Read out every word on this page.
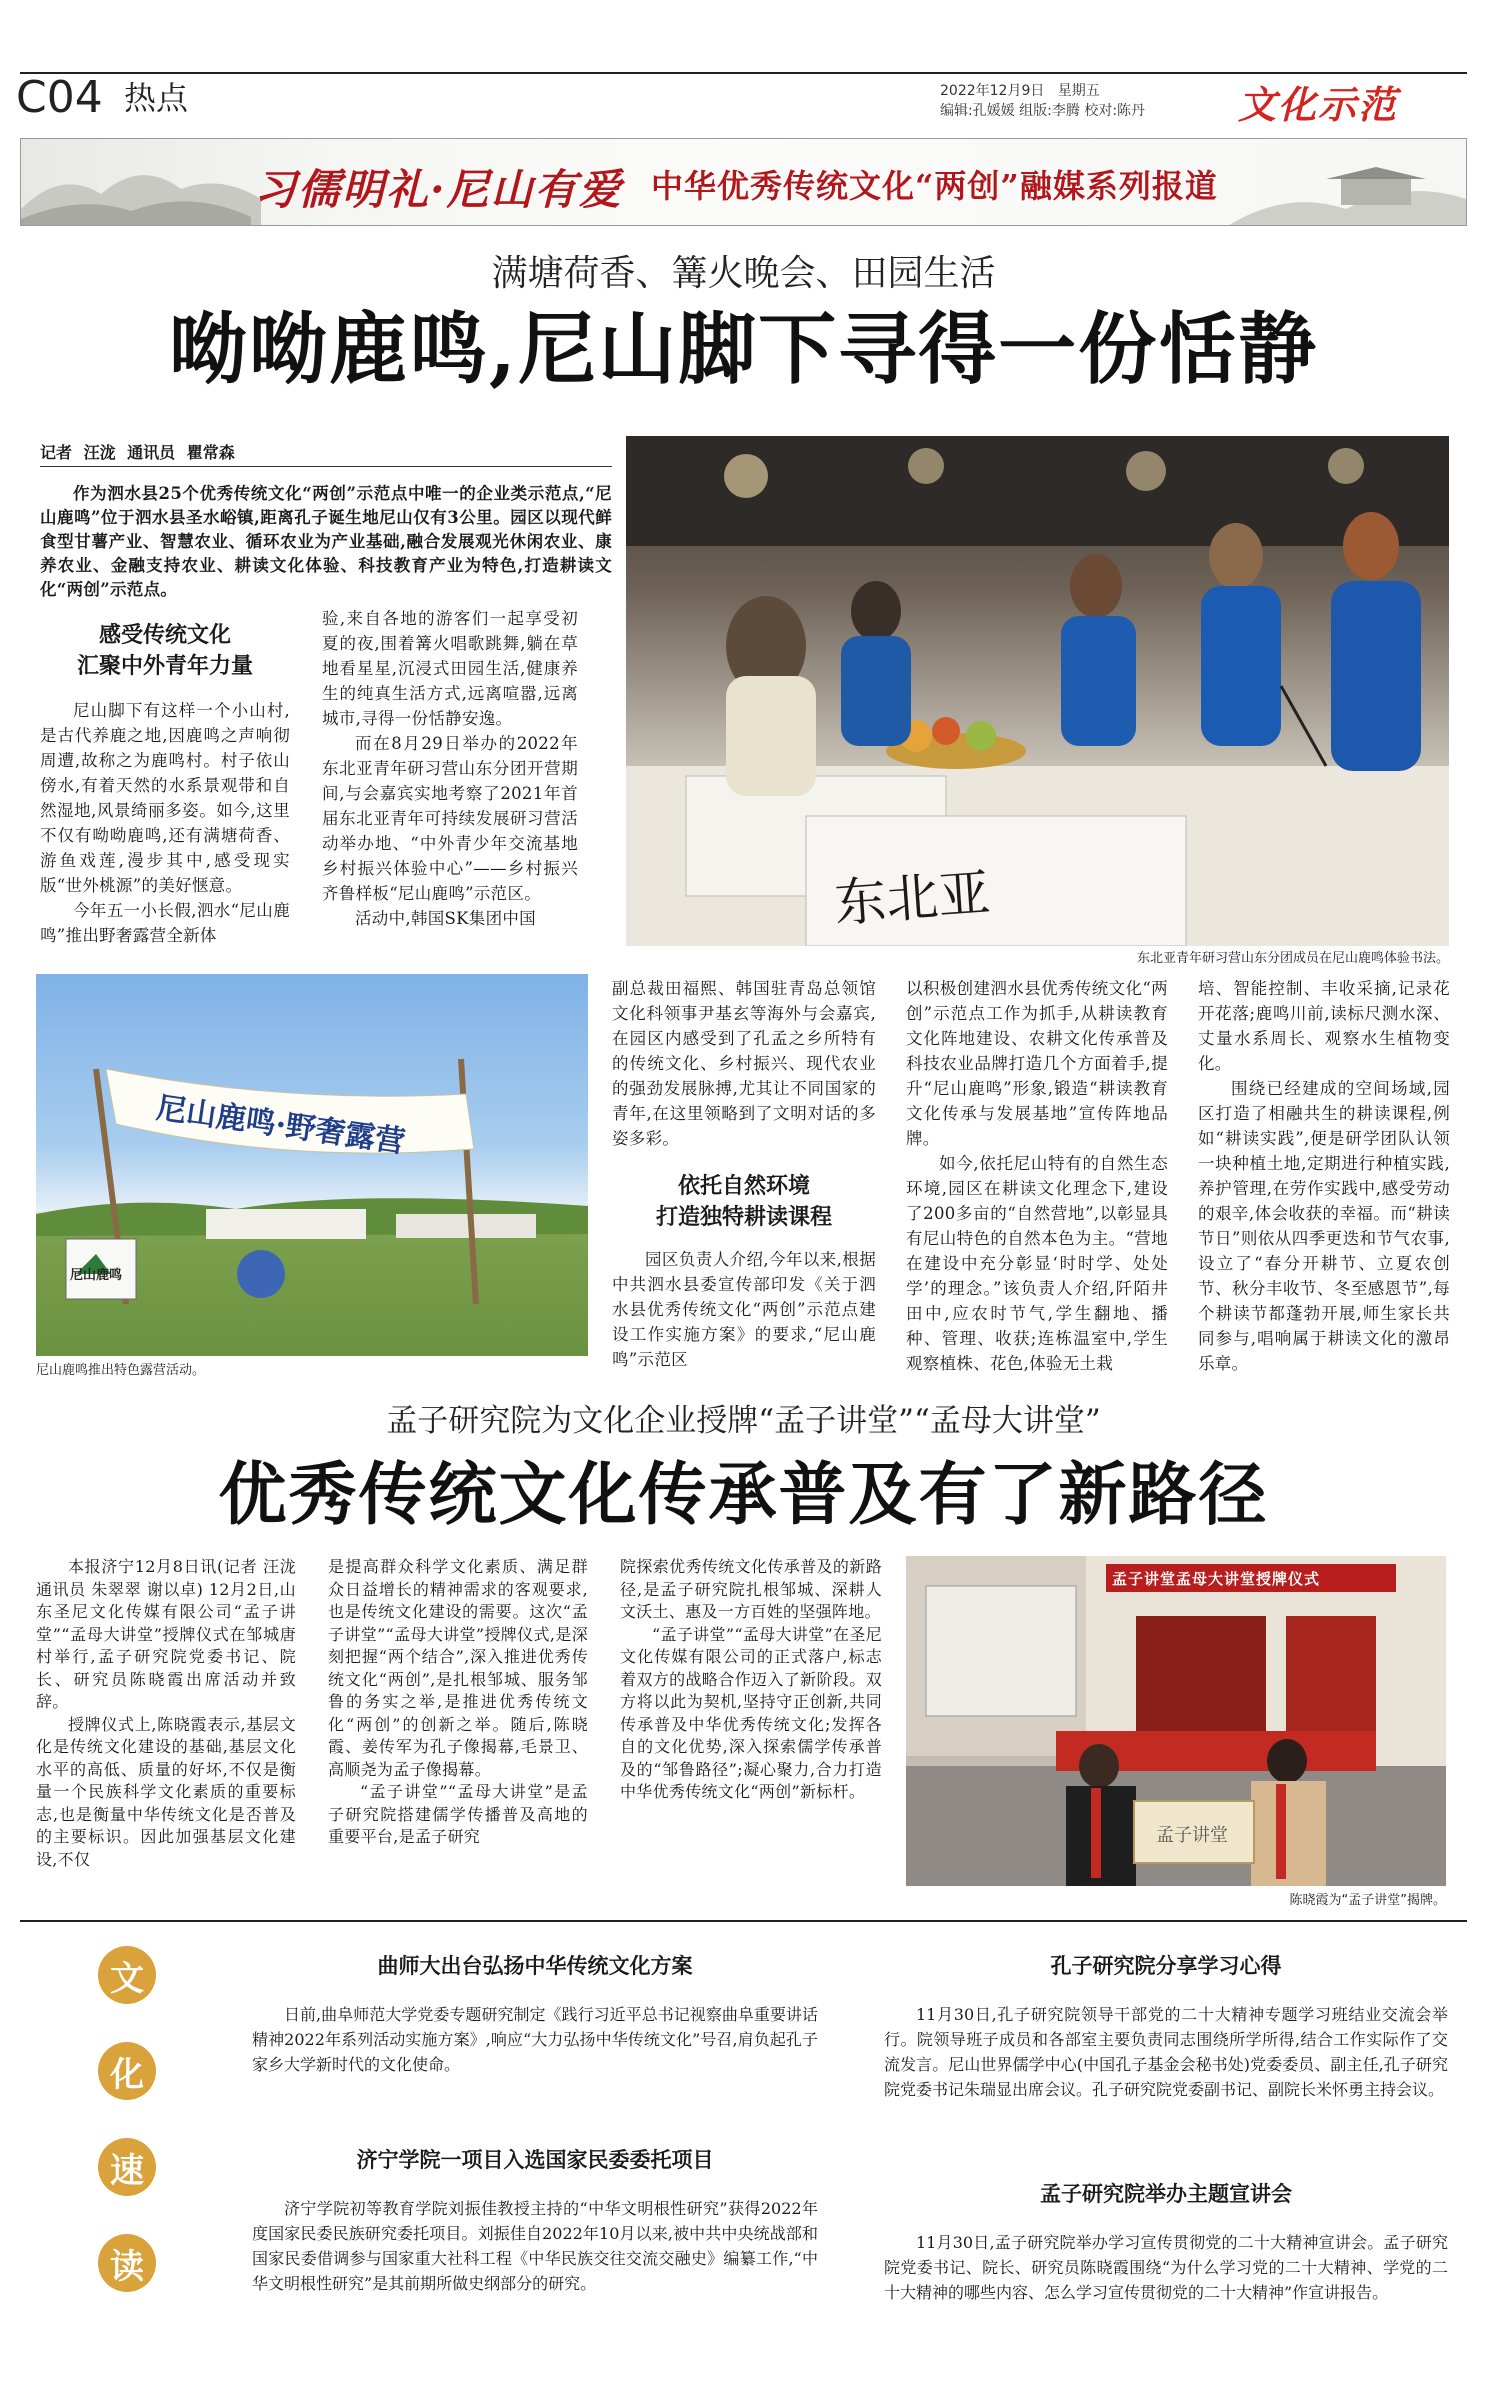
C04 热点	2022年12月9日 星期五
编辑:孔媛媛 组版:李腾 校对:陈丹 文化示范
习儒明礼·尼山有爱 中华优秀传统文化“两创”融媒系列报道
满塘荷香、篝火晚会、田园生活
呦呦鹿鸣,尼山脚下寻得一份恬静
记者 汪泷 通讯员 瞿常森

作为泗水县25个优秀传统文化“两创”示范点中唯一的企业类示范点,“尼山鹿鸣”位于泗水县圣水峪镇,距离孔子诞生地尼山仅有3公里。园区以现代鲜食型甘薯产业、智慧农业、循环农业为产业基础,融合发展观光休闲农业、康养农业、金融支持农业、耕读文化体验、科技教育产业为特色,打造耕读文化“两创”示范点。

感受传统文化
汇聚中外青年力量

尼山脚下有这样一个小山村,是古代养鹿之地,因鹿鸣之声响彻周遭,故称之为鹿鸣村。村子依山傍水,有着天然的水系景观带和自然湿地,风景绮丽多姿。如今,这里不仅有呦呦鹿鸣,还有满塘荷香、游鱼戏莲,漫步其中,感受现实版“世外桃源”的美好惬意。

今年五一小长假,泗水“尼山鹿鸣”推出野奢露营全新体

验,来自各地的游客们一起享受初夏的夜,围着篝火唱歌跳舞,躺在草地看星星,沉浸式田园生活,健康养生的纯真生活方式,远离喧嚣,远离城市,寻得一份恬静安逸。

而在8月29日举办的2022年东北亚青年研习营山东分团开营期间,与会嘉宾实地考察了2021年首届东北亚青年可持续发展研习营活动举办地、“中外青少年交流基地 乡村振兴体验中心”——乡村振兴齐鲁样板“尼山鹿鸣”示范区。

活动中,韩国SK集团中国	东北亚
东北亚青年研习营山东分团成员在尼山鹿鸣体验书法。
尼山鹿鸣·野奢露营
尼山鹿鸣
尼山鹿鸣推出特色露营活动。

副总裁田福熙、韩国驻青岛总领馆文化科领事尹基玄等海外与会嘉宾,在园区内感受到了孔孟之乡所特有的传统文化、乡村振兴、现代农业的强劲发展脉搏,尤其让不同国家的青年,在这里领略到了文明对话的多姿多彩。

依托自然环境
打造独特耕读课程

园区负责人介绍,今年以来,根据中共泗水县委宣传部印发《关于泗水县优秀传统文化“两创”示范点建设工作实施方案》的要求,“尼山鹿鸣”示范区

以积极创建泗水县优秀传统文化“两创”示范点工作为抓手,从耕读教育文化阵地建设、农耕文化传承普及科技农业品牌打造几个方面着手,提升“尼山鹿鸣”形象,锻造“耕读教育文化传承与发展基地”宣传阵地品牌。

如今,依托尼山特有的自然生态环境,园区在耕读文化理念下,建设了200多亩的“自然营地”,以彰显具有尼山特色的自然本色为主。“营地在建设中充分彰显‘时时学、处处学’的理念。”该负责人介绍,阡陌井田中,应农时节气,学生翻地、播种、管理、收获;连栋温室中,学生观察植株、花色,体验无土栽

培、智能控制、丰收采摘,记录花开花落;鹿鸣川前,读标尺测水深、丈量水系周长、观察水生植物变化。

围绕已经建成的空间场域,园区打造了相融共生的耕读课程,例如“耕读实践”,便是研学团队认领一块种植土地,定期进行种植实践,养护管理,在劳作实践中,感受劳动的艰辛,体会收获的幸福。而“耕读节日”则依从四季更迭和节气农事,设立了“春分开耕节、立夏农创节、秋分丰收节、冬至感恩节”,每个耕读节都蓬勃开展,师生家长共同参与,唱响属于耕读文化的激昂乐章。

孟子研究院为文化企业授牌“孟子讲堂”“孟母大讲堂”
优秀传统文化传承普及有了新路径

本报济宁12月8日讯(记者 汪泷 通讯员 朱翠翠 谢以卓) 12月2日,山东圣尼文化传媒有限公司“孟子讲堂”“孟母大讲堂”授牌仪式在邹城唐村举行,孟子研究院党委书记、院长、研究员陈晓霞出席活动并致辞。

授牌仪式上,陈晓霞表示,基层文化是传统文化建设的基础,基层文化水平的高低、质量的好坏,不仅是衡量一个民族科学文化素质的重要标志,也是衡量中华传统文化是否普及的主要标识。因此加强基层文化建设,不仅

是提高群众科学文化素质、满足群众日益增长的精神需求的客观要求,也是传统文化建设的需要。这次“孟子讲堂”“孟母大讲堂”授牌仪式,是深刻把握“两个结合”,深入推进优秀传统文化“两创”,是扎根邹城、服务邹鲁的务实之举,是推进优秀传统文化“两创”的创新之举。随后,陈晓霞、姜传军为孔子像揭幕,毛景卫、高顺尧为孟子像揭幕。

“孟子讲堂”“孟母大讲堂”是孟子研究院搭建儒学传播普及高地的重要平台,是孟子研究

院探索优秀传统文化传承普及的新路径,是孟子研究院扎根邹城、深耕人文沃土、惠及一方百姓的坚强阵地。

“孟子讲堂”“孟母大讲堂”在圣尼文化传媒有限公司的正式落户,标志着双方的战略合作迈入了新阶段。双方将以此为契机,坚持守正创新,共同传承普及中华优秀传统文化;发挥各自的文化优势,深入探索儒学传承普及的“邹鲁路径”;凝心聚力,合力打造中华优秀传统文化“两创”新标杆。

孟子讲堂孟母大讲堂授牌仪式
孟子讲堂
陈晓霞为“孟子讲堂”揭牌。
文
化
速
读
曲师大出台弘扬中华传统文化方案

日前,曲阜师范大学党委专题研究制定《践行习近平总书记视察曲阜重要讲话精神2022年系列活动实施方案》,响应“大力弘扬中华传统文化”号召,肩负起孔子家乡大学新时代的文化使命。

济宁学院一项目入选国家民委委托项目

济宁学院初等教育学院刘振佳教授主持的“中华文明根性研究”获得2022年度国家民委民族研究委托项目。刘振佳自2022年10月以来,被中共中央统战部和国家民委借调参与国家重大社科工程《中华民族交往交流交融史》编纂工作,“中华文明根性研究”是其前期所做史纲部分的研究。

孔子研究院分享学习心得

11月30日,孔子研究院领导干部党的二十大精神专题学习班结业交流会举行。院领导班子成员和各部室主要负责同志围绕所学所得,结合工作实际作了交流发言。尼山世界儒学中心(中国孔子基金会秘书处)党委委员、副主任,孔子研究院党委书记朱瑞显出席会议。孔子研究院党委副书记、副院长米怀勇主持会议。

孟子研究院举办主题宣讲会

11月30日,孟子研究院举办学习宣传贯彻党的二十大精神宣讲会。孟子研究院党委书记、院长、研究员陈晓霞围绕“为什么学习党的二十大精神、学党的二十大精神的哪些内容、怎么学习宣传贯彻党的二十大精神”作宣讲报告。
